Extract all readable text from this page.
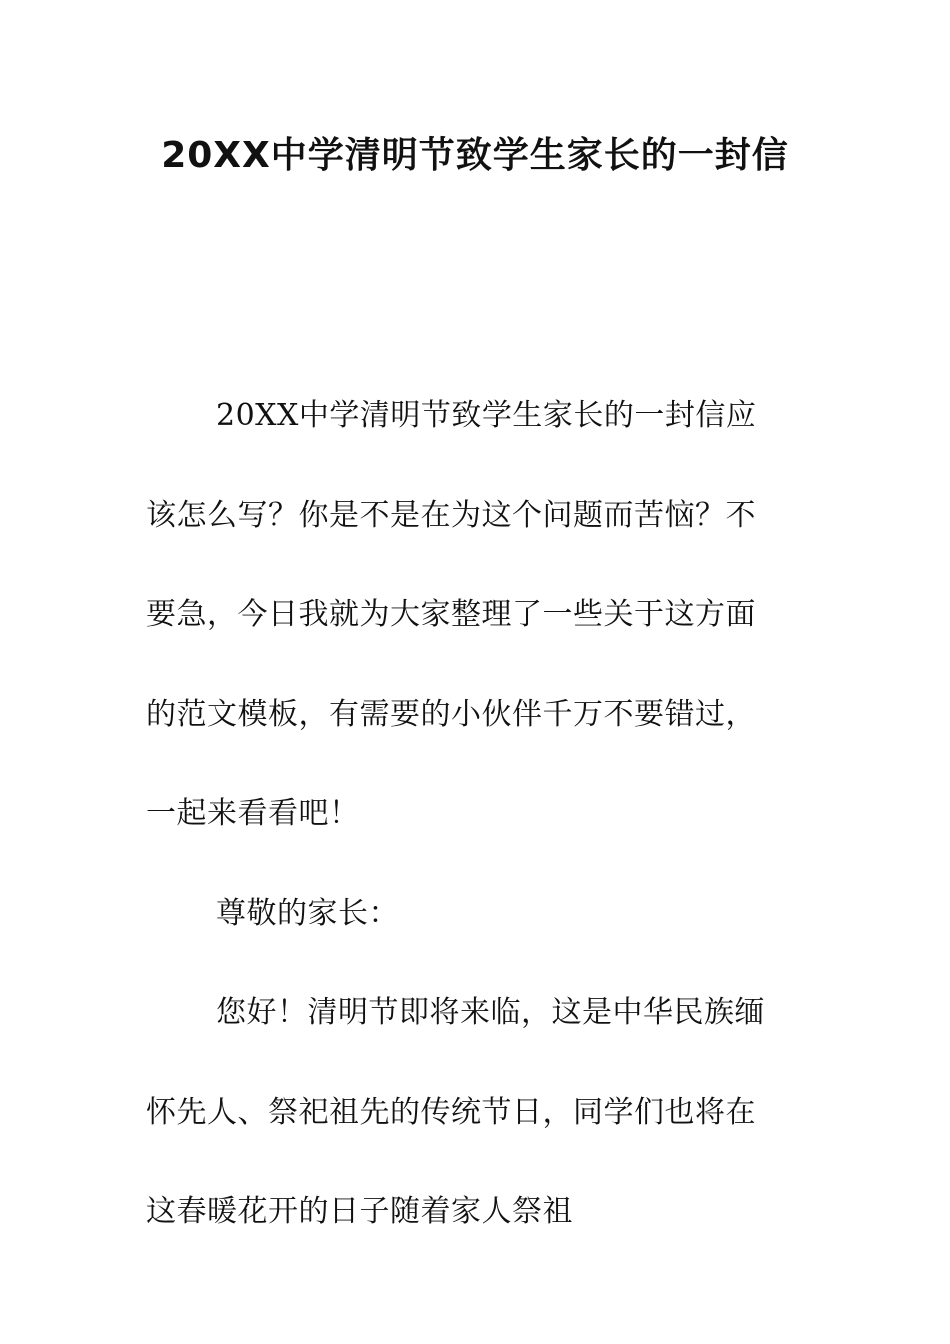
20XX中学清明节致学生家长的一封信

20XX中学清明节致学生家长的一封信应该怎么写？你是不是在为这个问题而苦恼？不要急，今日我就为大家整理了一些关于这方面的范文模板，有需要的小伙伴千万不要错过，一起来看看吧！

尊敬的家长：

您好！清明节即将来临，这是中华民族缅怀先人、祭祀祖先的传统节日，同学们也将在这春暖花开的日子随着家人祭祖
